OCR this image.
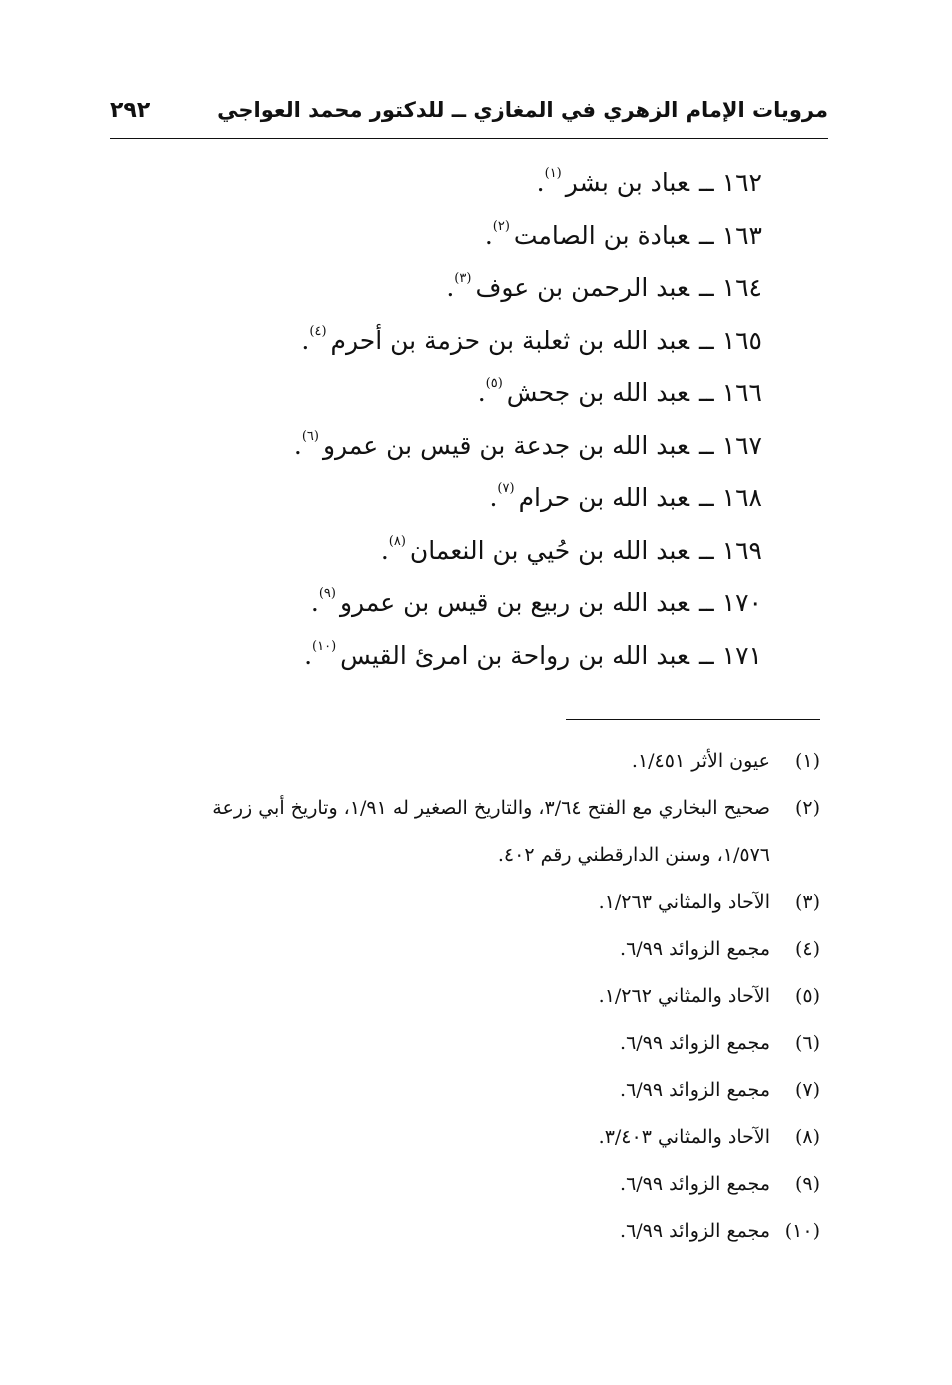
مرويات الإمام الزهري في المغازي ــ للدكتور محمد العواجي
٢٩٢
١٦٢ــعباد بن بشر$^{(١)}$.
١٦٣ــعبادة بن الصامت$^{(٢)}$.
١٦٤ــعبد الرحمن بن عوف$^{(٣)}$.
١٦٥ــعبد الله بن ثعلبة بن حزمة بن أحرم$^{(٤)}$.
١٦٦ــعبد الله بن جحش$^{(٥)}$.
١٦٧ــعبد الله بن جدعة بن قيس بن عمرو$^{(٦)}$.
١٦٨ــعبد الله بن حرام$^{(٧)}$.
١٦٩ــعبد الله بن حُيي بن النعمان$^{(٨)}$.
١٧٠ــعبد الله بن ربيع بن قيس بن عمرو$^{(٩)}$.
١٧١ــعبد الله بن رواحة بن امرئ القيس$^{(١٠)}$.
(١)عيون الأثر ١/٤٥١.
(٢)صحيح البخاري مع الفتح ٣/٦٤، والتاريخ الصغير له ١/٩١، وتاريخ أبي زرعة
١/٥٧٦، وسنن الدارقطني رقم ٤٠٢.
(٣)الآحاد والمثاني ١/٢٦٣.
(٤)مجمع الزوائد ٦/٩٩.
(٥)الآحاد والمثاني ١/٢٦٢.
(٦)مجمع الزوائد ٦/٩٩.
(٧)مجمع الزوائد ٦/٩٩.
(٨)الآحاد والمثاني ٣/٤٠٣.
(٩)مجمع الزوائد ٦/٩٩.
(١٠)مجمع الزوائد ٦/٩٩.
